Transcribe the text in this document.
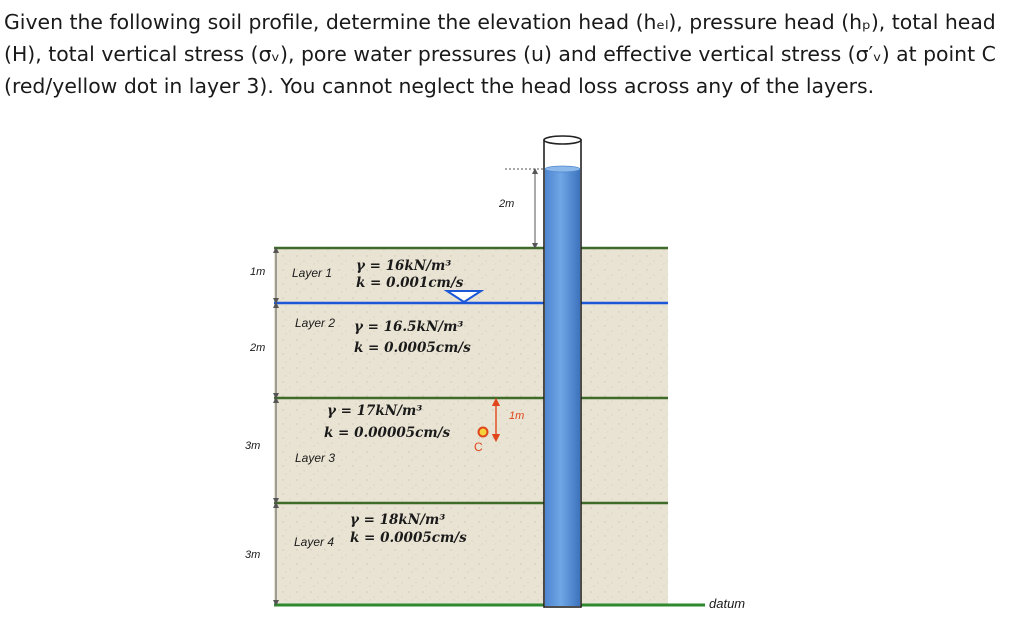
Given the following soil profile, determine the elevation head (hₑₗ), pressure head (hₚ), total head
(H), total vertical stress (σᵥ), pore water pressures (u) and effective vertical stress (σ′ᵥ) at point C
(red/yellow dot in layer 3). You cannot neglect the head loss across any of the layers.
1m
2m
3m
3m
Layer 1
Layer 2
Layer 3
Layer 4
γ = 16kN/m³
k = 0.001cm/s
γ = 16.5kN/m³
k = 0.0005cm/s
γ = 17kN/m³
k = 0.00005cm/s
γ = 18kN/m³
k = 0.0005cm/s
C
1m
2m
datum
